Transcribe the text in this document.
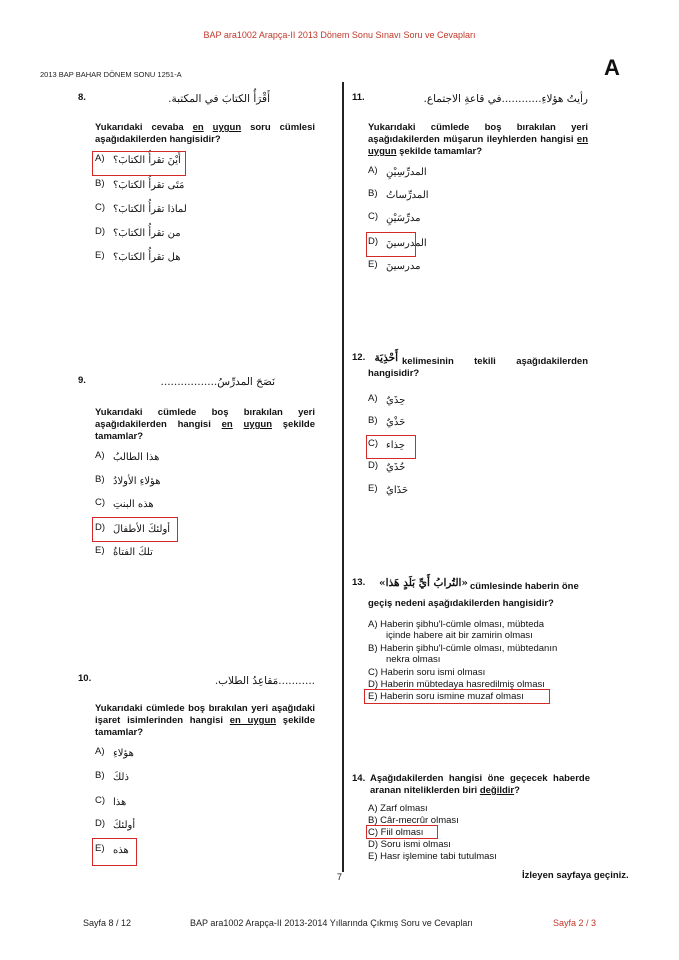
BAP ara1002 Arapça-II 2013 Dönem Sonu Sınavı Soru ve Cevapları
2013 BAP BAHAR DÖNEM SONU 1251-A	A
8.	أَقْرَأُ الكتابَ في المكتبة.
Yukarıdaki cevaba en uygun soru cümlesi aşağıdakilerden hangisidir?
A) أَيْنَ تقرأُ الكتابَ؟
B) مَتَى تقرأُ الكتابَ؟
C) لماذا تقرأُ الكتابَ؟
D) من تقرأُ الكتابَ؟
E) هل تقرأُ الكتابَ؟
9.	نَصَحَ المدرِّسُ.................
Yukarıdaki cümlede boş bırakılan yeri aşağıdakilerden hangisi en uygun şekilde tamamlar?
A) هذا الطالبُ
B) هؤلاءِ الأولادُ
C) هذه البنتِ
D) أولئكَ الأطفالَ
E) تلكَ الفتاةُ
10.	...........مَقاعِدُ الطلاب.
Yukarıdaki cümlede boş bırakılan yeri aşağıdaki işaret isimlerinden hangisi en uygun şekilde tamamlar?
A) هؤلاءِ
B) ذلكَ
C) هذا
D) أولئكَ
E) هذه
11.	رأيتُ هؤلاءِ............في قاعةِ الاجتماع.
Yukarıdaki cümlede boş bırakılan yeri aşağıdakilerden müşarun ileyhlerden hangisi en uygun şekilde tamamlar?
A) المدرِّسِيْنِ
B) المدرِّساتُ
C) مدرِّسَيْنِ
D) المدرسينَ
E) مدرسينَ
12. أَحْذِيَة kelimesinin tekili aşağıdakilerden hangisidir?
A) حِذَيٌ
B) حَذْيٌ
C) حِذاء
D) حُذَيٌ
E) حَذَايٌ
13.	«التُرابُ أَيِّ بَلَدٍ هَذا» cümlesinde haberin öne
geçiş nedeni aşağıdakilerden hangisidir?
A) Haberin şibhu'l-cümle olması, mübteda
içinde habere ait bir zamirin olması
B) Haberin şibhu'l-cümle olması, mübtedanın
nekra olması
C) Haberin soru ismi olması
D) Haberin mübtedaya hasredilmiş olması
E) Haberin soru ismine muzaf olması
14. Aşağıdakilerden hangisi öne geçecek haberde aranan niteliklerden biri değildir?
A) Zarf olması
B) Câr-mecrûr olması
C) Fiil olması
D) Soru ismi olması
E) Hasr işlemine tabi tutulması
7	İzleyen sayfaya geçiniz.
Sayfa 8 / 12	BAP ara1002 Arapça-II 2013-2014 Yıllarında Çıkmış Soru ve Cevapları	Sayfa 2 / 3
